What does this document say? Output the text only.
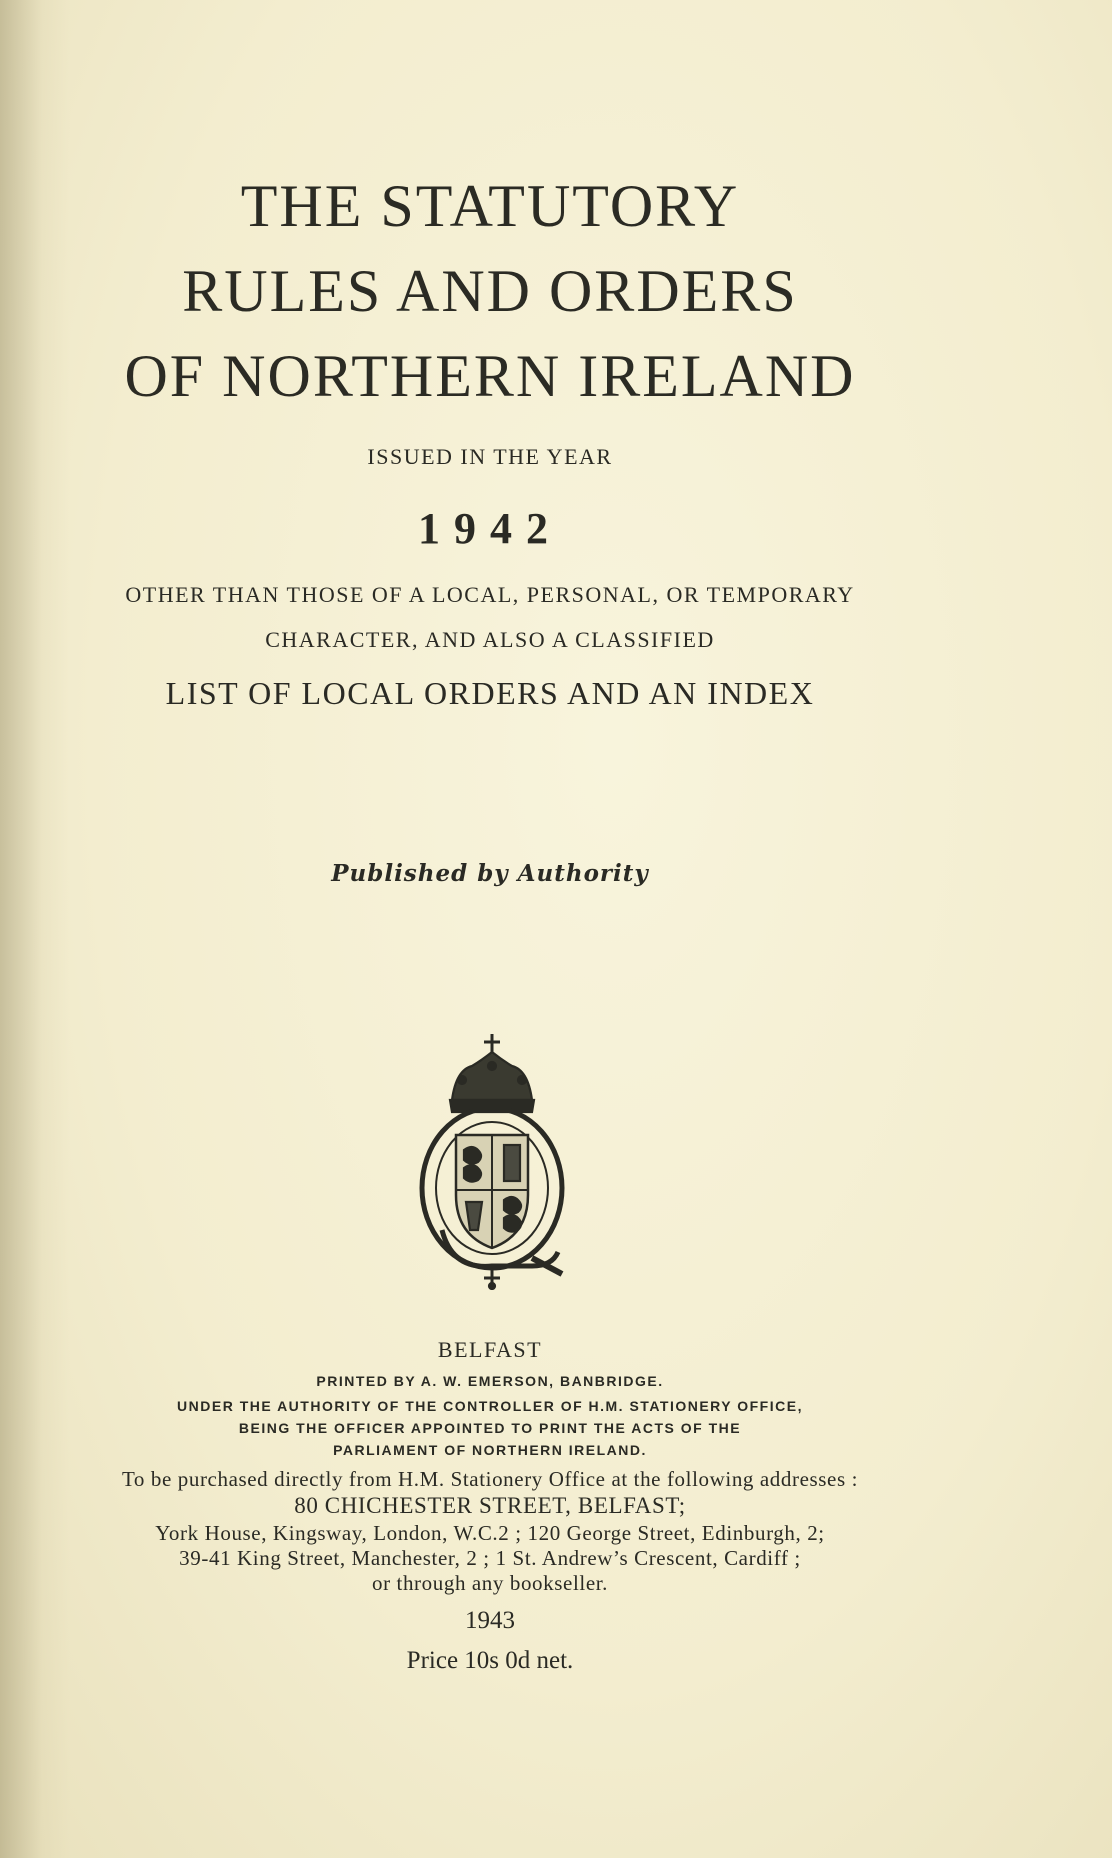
THE STATUTORY
RULES AND ORDERS
OF NORTHERN IRELAND
ISSUED IN THE YEAR
1942
OTHER THAN THOSE OF A LOCAL, PERSONAL, OR TEMPORARY
CHARACTER, AND ALSO A CLASSIFIED
LIST OF LOCAL ORDERS AND AN INDEX
Published by Authority
BELFAST
PRINTED BY A. W. EMERSON, BANBRIDGE.
UNDER THE AUTHORITY OF THE CONTROLLER OF H.M. STATIONERY OFFICE,
BEING THE OFFICER APPOINTED TO PRINT THE ACTS OF THE
PARLIAMENT OF NORTHERN IRELAND.
To be purchased directly from H.M. Stationery Office at the following addresses :
80 CHICHESTER STREET, BELFAST;
York House, Kingsway, London, W.C.2 ; 120 George Street, Edinburgh, 2;
39-41 King Street, Manchester, 2 ; 1 St. Andrew’s Crescent, Cardiff ;
or through any bookseller.
1943
Price 10s 0d net.
